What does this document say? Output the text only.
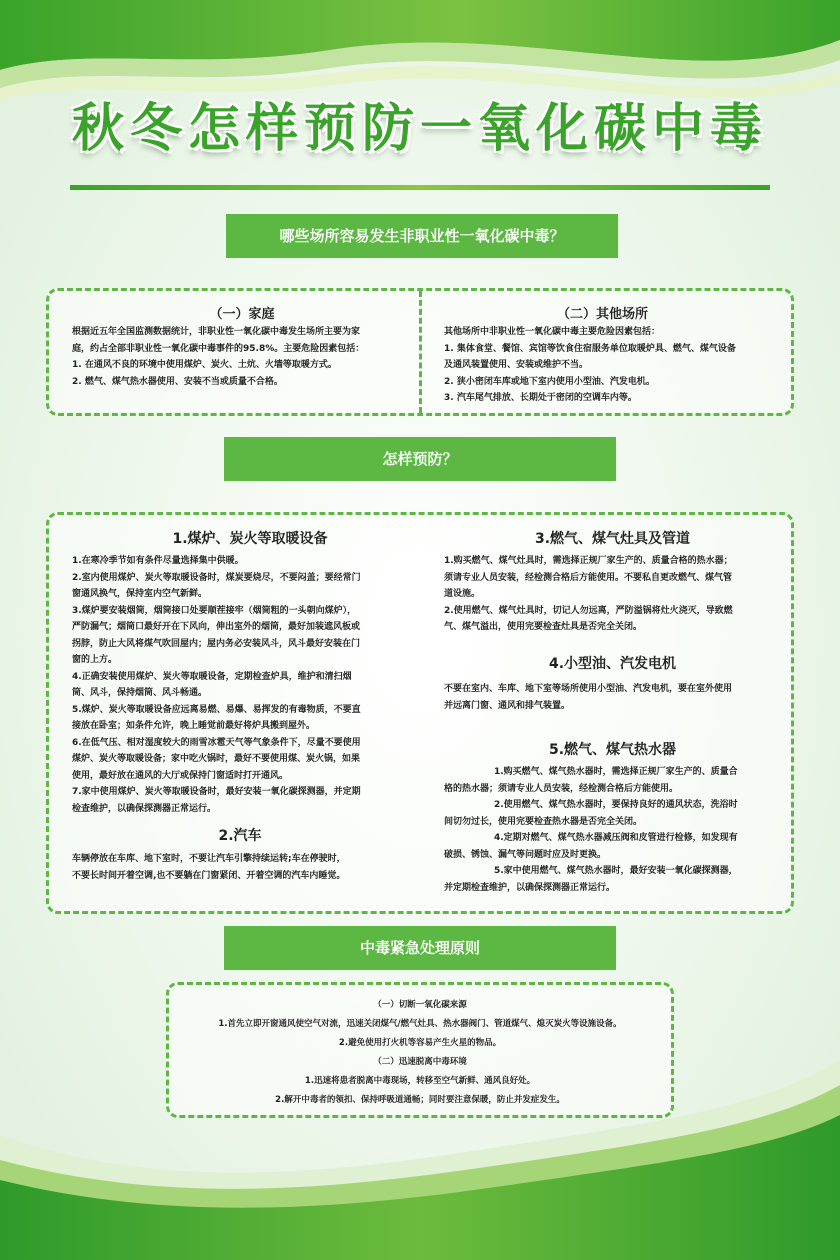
秋冬怎样预防一氧化碳中毒
哪些场所容易发生非职业性一氧化碳中毒？
（一）家庭

根据近五年全国监测数据统计，非职业性一氧化碳中毒发生场所主要为家

庭，约占全部非职业性一氧化碳中毒事件的95.8%。主要危险因素包括：

1. 在通风不良的环境中使用煤炉、炭火、土炕、火墙等取暖方式。

2. 燃气、煤气热水器使用、安装不当或质量不合格。

（二）其他场所

其他场所中非职业性一氧化碳中毒主要危险因素包括：

1. 集体食堂、餐馆、宾馆等饮食住宿服务单位取暖炉具、燃气、煤气设备

及通风装置使用、安装或维护不当。

2. 狭小密闭车库或地下室内使用小型油、汽发电机。

3. 汽车尾气排放、长期处于密闭的空调车内等。

怎样预防？
1.煤炉、炭火等取暖设备

1.在寒冷季节如有条件尽量选择集中供暖。

2.室内使用煤炉、炭火等取暖设备时，煤炭要烧尽，不要闷盖；要经常门

窗通风换气，保持室内空气新鲜。

3.煤炉要安装烟筒，烟筒接口处要顺茬接牢（烟筒粗的一头朝向煤炉），

严防漏气；烟筒口最好开在下风向，伸出室外的烟筒，最好加装遮风板或

拐脖，防止大风将煤气吹回屋内；屋内务必安装风斗，风斗最好安装在门

窗的上方。

4.正确安装使用煤炉、炭火等取暖设备，定期检查炉具，维护和清扫烟

筒、风斗，保持烟筒、风斗畅通。

5.煤炉、炭火等取暖设备应远离易燃、易爆、易挥发的有毒物质，不要直

接放在卧室；如条件允许，晚上睡觉前最好将炉具搬到屋外。

6.在低气压、相对湿度较大的雨雪冰雹天气等气象条件下，尽量不要使用

煤炉、炭火等取暖设备；家中吃火锅时，最好不要使用煤、炭火锅，如果

使用，最好放在通风的大厅或保持门窗适时打开通风。

7.家中使用煤炉、炭火等取暖设备时，最好安装一氧化碳探测器，并定期

检查维护，以确保探测器正常运行。

2.汽车

车辆停放在车库、地下室时，不要让汽车引擎持续运转;车在停驶时，

不要长时间开着空调,也不要躺在门窗紧闭、开着空调的汽车内睡觉。

3.燃气、煤气灶具及管道

1.购买燃气、煤气灶具时，需选择正规厂家生产的、质量合格的热水器；

须请专业人员安装，经检测合格后方能使用。不要私自更改燃气、煤气管

道设施。

2.使用燃气、煤气灶具时，切记人勿远离，严防溢锅将灶火浇灭，导致燃

气、煤气溢出，使用完要检查灶具是否完全关闭。

4.小型油、汽发电机

不要在室内、车库、地下室等场所使用小型油、汽发电机，要在室外使用

并远离门窗、通风和排气装置。

5.燃气、煤气热水器

1.购买燃气、煤气热水器时，需选择正规厂家生产的、质量合

格的热水器；须请专业人员安装，经检测合格后方能使用。

2.使用燃气、煤气热水器时，要保持良好的通风状态，洗浴时

间切勿过长，使用完要检查热水器是否完全关闭。

4.定期对燃气、煤气热水器减压阀和皮管进行检修，如发现有

破损、锈蚀、漏气等问题时应及时更换。

5.家中使用燃气、煤气热水器时，最好安装一氧化碳探测器，

并定期检查维护，以确保探测器正常运行。

中毒紧急处理原则

（一）切断一氧化碳来源

1.首先立即开窗通风使空气对流，迅速关闭煤气/燃气灶具、热水器阀门、管道煤气、熄灭炭火等设施设备。

2.避免使用打火机等容易产生火星的物品。

（二）迅速脱离中毒环境

1.迅速将患者脱离中毒现场，转移至空气新鲜、通风良好处。

2.解开中毒者的领扣、保持呼吸道通畅；同时要注意保暖，防止并发症发生。
